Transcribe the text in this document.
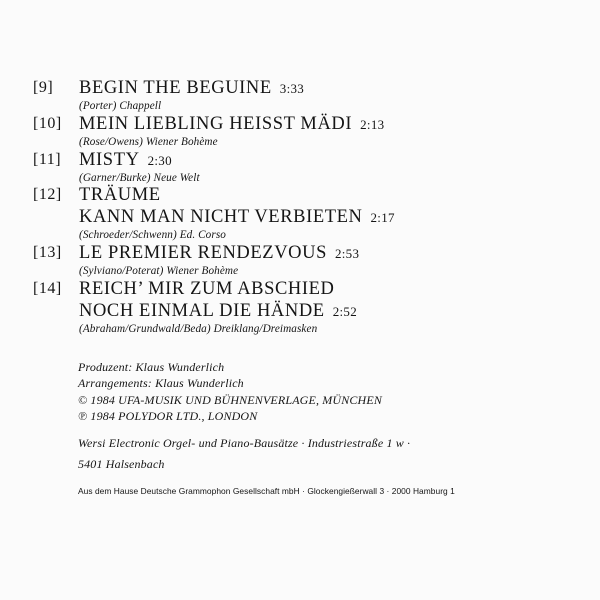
[9] BEGIN THE BEGUINE 3:33
(Porter) Chappell
[10] MEIN LIEBLING HEISST MÄDI 2:13
(Rose/Owens) Wiener Bohème
[11] MISTY 2:30
(Garner/Burke) Neue Welt
[12] TRÄUME
KANN MAN NICHT VERBIETEN 2:17
(Schroeder/Schwenn) Ed. Corso
[13] LE PREMIER RENDEZVOUS 2:53
(Sylviano/Poterat) Wiener Bohème
[14] REICH’ MIR ZUM ABSCHIED
NOCH EINMAL DIE HÄNDE 2:52
(Abraham/Grundwald/Beda) Dreiklang/Dreimasken
Produzent: Klaus Wunderlich
Arrangements: Klaus Wunderlich
© 1984 UFA-MUSIK UND BÜHNENVERLAGE, MÜNCHEN
℗ 1984 POLYDOR LTD., LONDON
Wersi Electronic Orgel- und Piano-Bausätze · Industriestraße 1 w ·
5401 Halsenbach
Aus dem Hause Deutsche Grammophon Gesellschaft mbH · Glockengießerwall 3 · 2000 Hamburg 1
